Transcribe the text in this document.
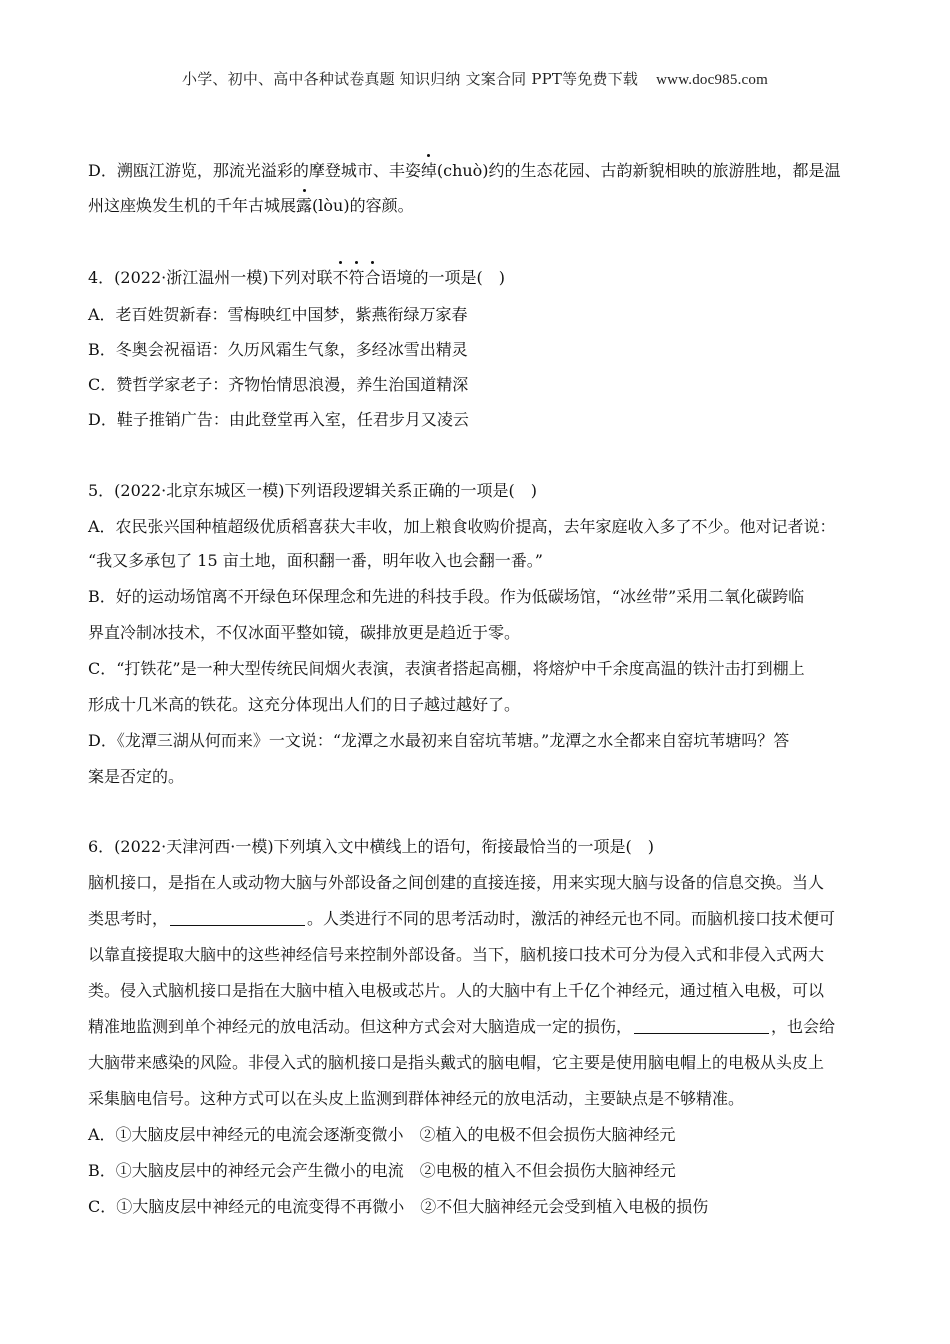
小学、初中、高中各种试卷真题 知识归纳 文案合同 PPT等免费下载 www.doc985.com
D．溯瓯江游览，那流光溢彩的摩登城市、丰姿绰(chuò)约的生态花园、古韵新貌相映的旅游胜地，都是温
州这座焕发生机的千年古城展露(lòu)的容颜。
4．(2022·浙江温州一模)下列对联不符合语境的一项是(　)
A．老百姓贺新春：雪梅映红中国梦，紫燕衔绿万家春
B．冬奥会祝福语：久历风霜生气象，多经冰雪出精灵
C．赞哲学家老子：齐物怡情思浪漫，养生治国道精深
D．鞋子推销广告：由此登堂再入室，任君步月又凌云
5．(2022·北京东城区一模)下列语段逻辑关系正确的一项是(　)
A．农民张兴国种植超级优质稻喜获大丰收，加上粮食收购价提高，去年家庭收入多了不少。他对记者说：
“我又多承包了 15 亩土地，面积翻一番，明年收入也会翻一番。”
B．好的运动场馆离不开绿色环保理念和先进的科技手段。作为低碳场馆，“冰丝带”采用二氧化碳跨临
界直冷制冰技术，不仅冰面平整如镜，碳排放更是趋近于零。
C．“打铁花”是一种大型传统民间烟火表演，表演者搭起高棚，将熔炉中千余度高温的铁汁击打到棚上
形成十几米高的铁花。这充分体现出人们的日子越过越好了。
D．《龙潭三湖从何而来》一文说：“龙潭之水最初来自窑坑苇塘。”龙潭之水全都来自窑坑苇塘吗？答
案是否定的。
6．(2022·天津河西·一模)下列填入文中横线上的语句，衔接最恰当的一项是(　)
脑机接口，是指在人或动物大脑与外部设备之间创建的直接连接，用来实现大脑与设备的信息交换。当人
类思考时，	。人类进行不同的思考活动时，激活的神经元也不同。而脑机接口技术便可
以靠直接提取大脑中的这些神经信号来控制外部设备。当下，脑机接口技术可分为侵入式和非侵入式两大
类。侵入式脑机接口是指在大脑中植入电极或芯片。人的大脑中有上千亿个神经元，通过植入电极，可以
精准地监测到单个神经元的放电活动。但这种方式会对大脑造成一定的损伤，	，也会给
大脑带来感染的风险。非侵入式的脑机接口是指头戴式的脑电帽，它主要是使用脑电帽上的电极从头皮上
采集脑电信号。这种方式可以在头皮上监测到群体神经元的放电活动，主要缺点是不够精准。
A．①大脑皮层中神经元的电流会逐渐变微小　②植入的电极不但会损伤大脑神经元
B．①大脑皮层中的神经元会产生微小的电流　②电极的植入不但会损伤大脑神经元
C．①大脑皮层中神经元的电流变得不再微小　②不但大脑神经元会受到植入电极的损伤
